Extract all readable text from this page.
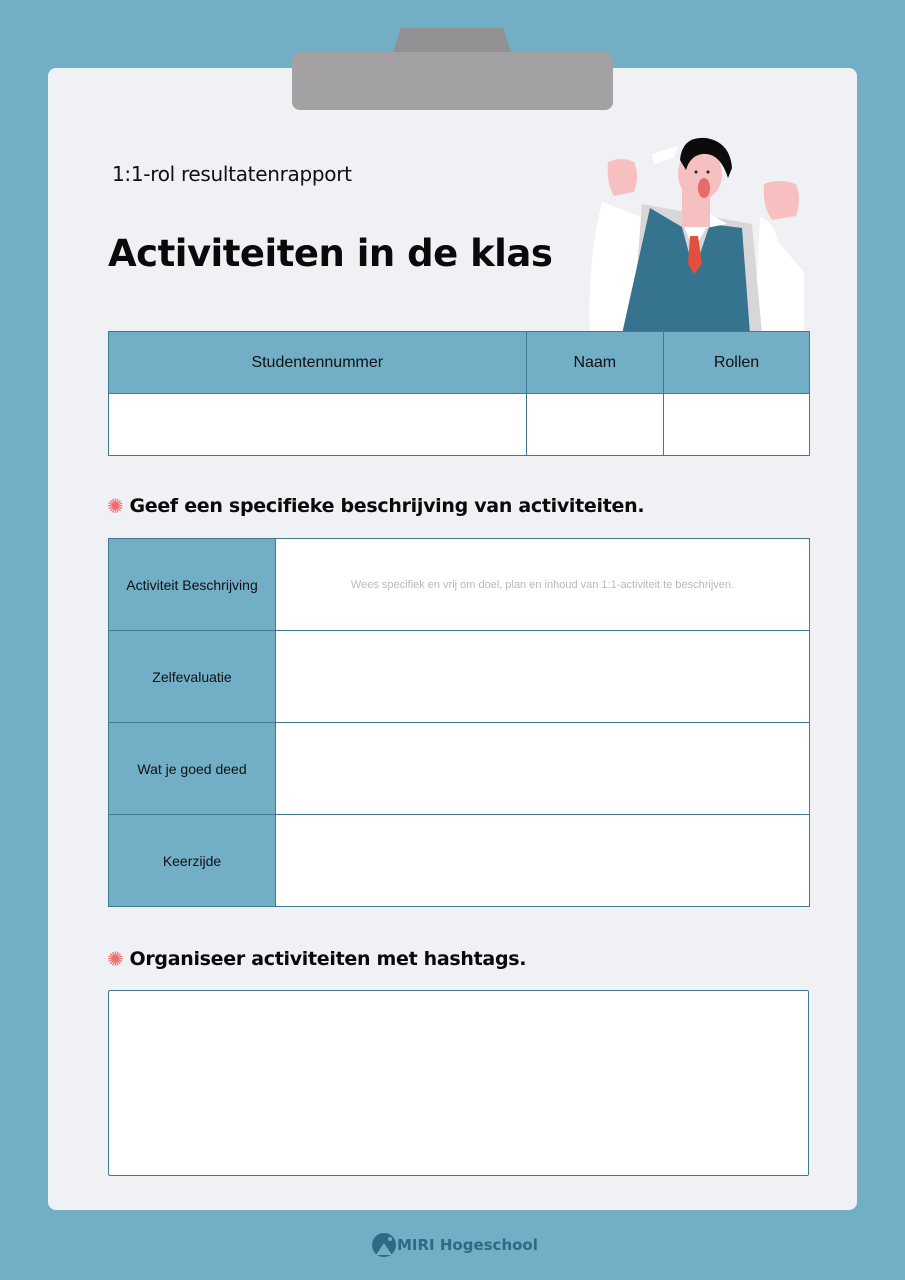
1:1-rol resultatenrapport
Activiteiten in de klas
Studentennummer	Naam	Rollen

✺ Geef een specifieke beschrijving van activiteiten.
Activiteit Beschrijving	Wees specifiek en vrij om doel, plan en inhoud van 1:1-activiteit te beschrijven.
Zelfevaluatie	
Wat je goed deed	
Keerzijde	
✺ Organiseer activiteiten met hashtags.
MIRI Hogeschool
